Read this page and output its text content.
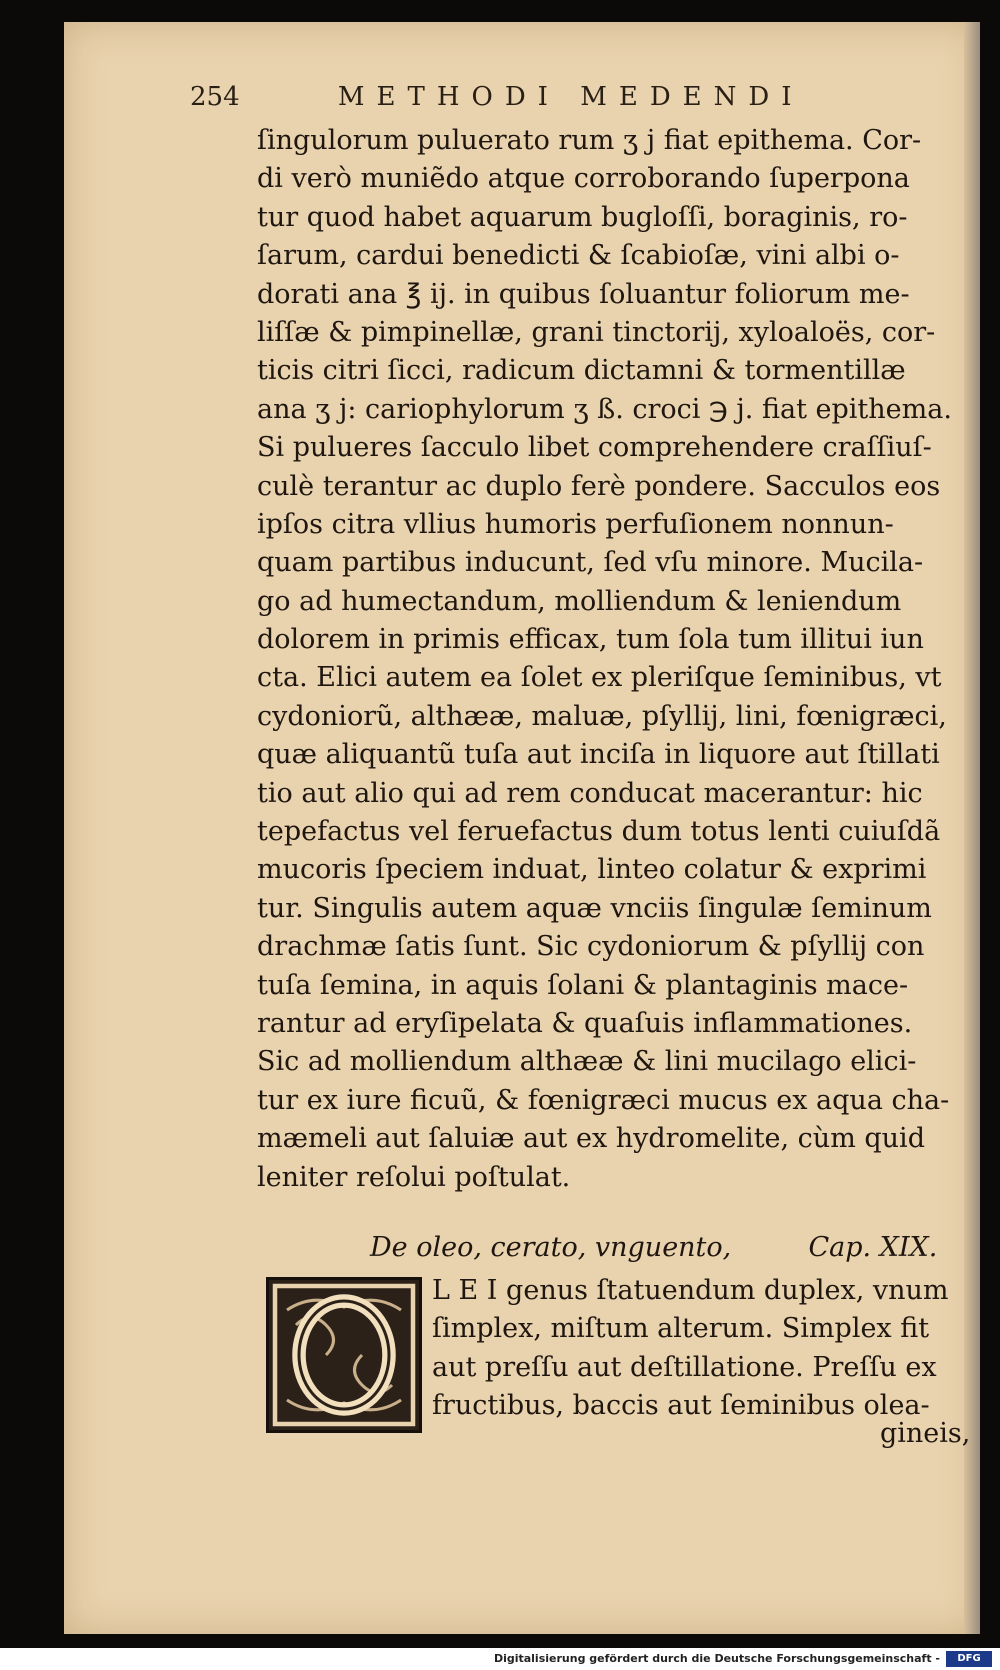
254	METHODI MEDENDI
ſingulorum puluerato rum ʒ j fiat epithema. Cor-
di verò muniẽdo atque corroborando ſuperpona
tur quod habet aquarum bugloſſi, boraginis, ro-
ſarum, cardui benedicti & ſcabioſæ, vini albi o-
dorati ana ℥ ij. in quibus ſoluantur foliorum me-
liſſæ & pimpinellæ, grani tinctorij, xyloaloës, cor-
ticis citri ſicci, radicum dictamni & tormentillæ
ana ʒ j: cariophylorum ʒ ß. croci ℈ j. fiat epithema.
Si pulueres ſacculo libet comprehendere craſſiuſ-
culè terantur ac duplo ferè pondere. Sacculos eos
ipſos citra vllius humoris perfuſionem nonnun-
quam partibus inducunt, ſed vſu minore. Mucila-
go ad humectandum, molliendum & leniendum
dolorem in primis efficax, tum ſola tum illitui iun
cta. Elici autem ea ſolet ex pleriſque ſeminibus, vt
cydoniorũ, althææ, maluæ, pſyllij, lini, fœnigræci,
quæ aliquantũ tuſa aut inciſa in liquore aut ſtillati
tio aut alio qui ad rem conducat macerantur: hic
tepefactus vel feruefactus dum totus lenti cuiuſdã
mucoris ſpeciem induat, linteo colatur & exprimi
tur. Singulis autem aquæ vnciis ſingulæ ſeminum
drachmæ ſatis ſunt. Sic cydoniorum & pſyllij con
tuſa ſemina, in aquis ſolani & plantaginis mace-
rantur ad eryſipelata & quaſuis inflammationes.
Sic ad molliendum althææ & lini mucilago elici-
tur ex iure ficuũ, & fœnigræci mucus ex aqua cha-
mæmeli aut ſaluiæ aut ex hydromelite, cùm quid
leniter reſolui poſtulat.
De oleo, cerato, vnguento,	Cap. XIX.
L E I genus ſtatuendum duplex, vnum
ſimplex, miſtum alterum. Simplex fit
aut preſſu aut deſtillatione. Preſſu ex
fructibus, baccis aut ſeminibus olea-
gineis,
Digitalisierung gefördert durch die Deutsche Forschungsgemeinschaft -	DFG
